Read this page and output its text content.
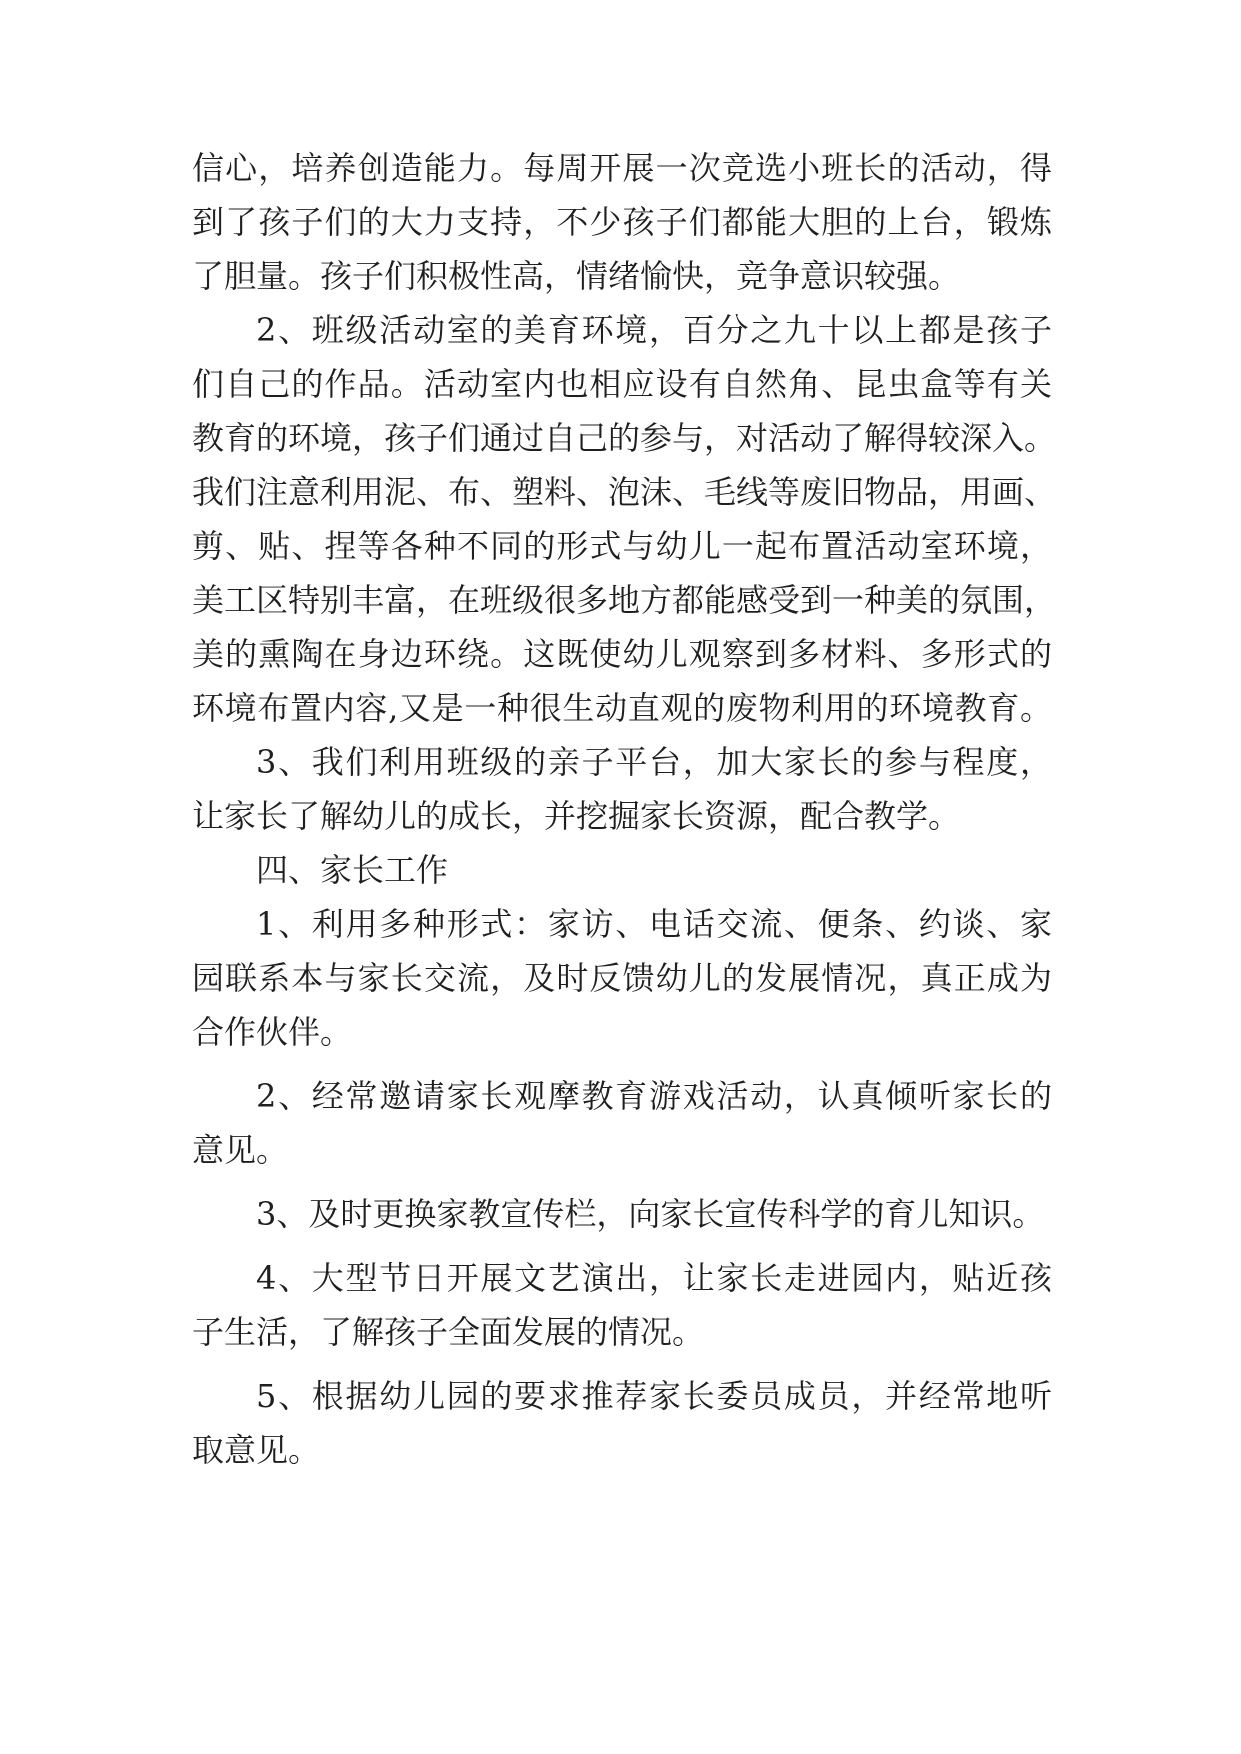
信心，培养创造能力。每周开展一次竞选小班长的活动，得
到了孩子们的大力支持，不少孩子们都能大胆的上台，锻炼
了胆量。孩子们积极性高，情绪愉快，竞争意识较强。
2、班级活动室的美育环境，百分之九十以上都是孩子
们自己的作品。活动室内也相应设有自然角、昆虫盒等有关
教育的环境，孩子们通过自己的参与，对活动了解得较深入。
我们注意利用泥、布、塑料、泡沫、毛线等废旧物品，用画、
剪、贴、捏等各种不同的形式与幼儿一起布置活动室环境，
美工区特别丰富，在班级很多地方都能感受到一种美的氛围，
美的熏陶在身边环绕。这既使幼儿观察到多材料、多形式的
环境布置内容,又是一种很生动直观的废物利用的环境教育。
3、我们利用班级的亲子平台，加大家长的参与程度，
让家长了解幼儿的成长，并挖掘家长资源，配合教学。
四、家长工作
1、利用多种形式：家访、电话交流、便条、约谈、家
园联系本与家长交流，及时反馈幼儿的发展情况，真正成为
合作伙伴。
2、经常邀请家长观摩教育游戏活动，认真倾听家长的
意见。
3、及时更换家教宣传栏，向家长宣传科学的育儿知识。
4、大型节日开展文艺演出，让家长走进园内，贴近孩
子生活，了解孩子全面发展的情况。
5、根据幼儿园的要求推荐家长委员成员，并经常地听
取意见。
